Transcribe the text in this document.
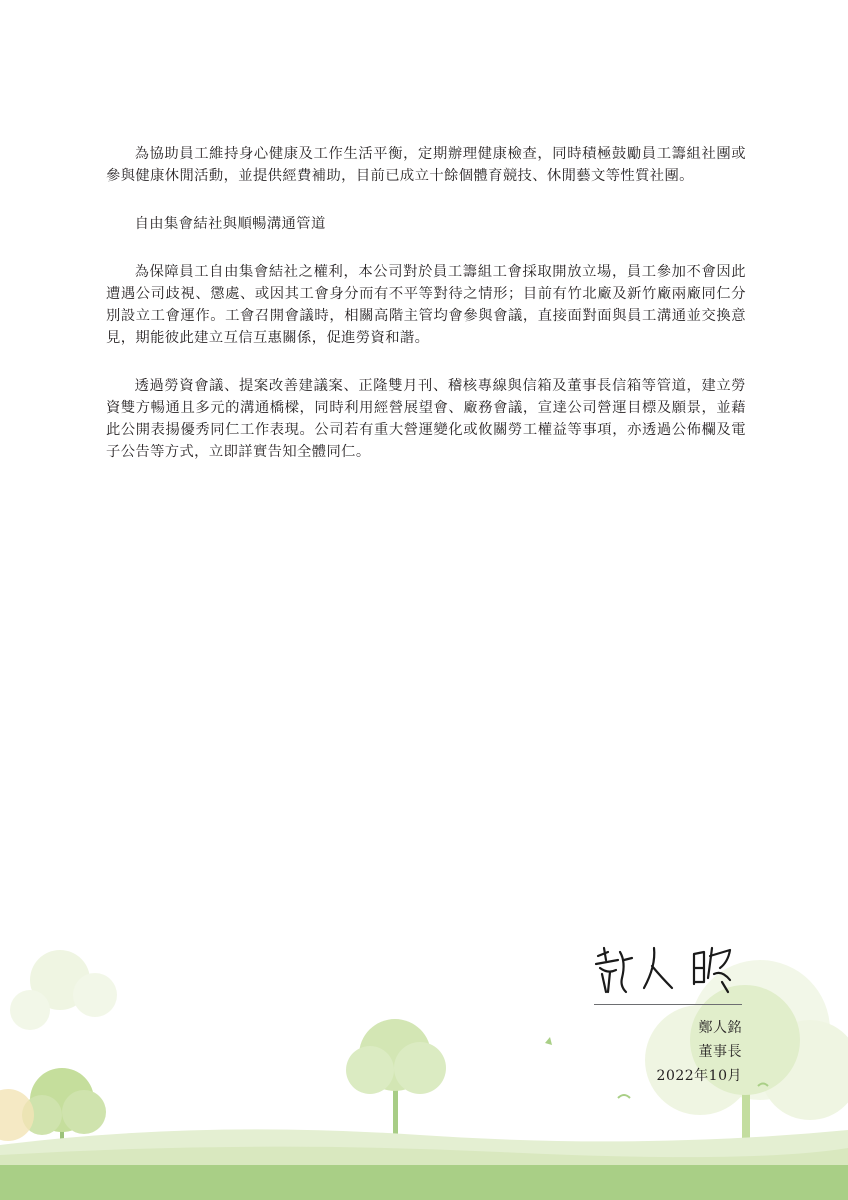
為協助員工維持身心健康及工作生活平衡，定期辦理健康檢查，同時積極鼓勵員工籌組社團或參與健康休閒活動，並提供經費補助，目前已成立十餘個體育競技、休閒藝文等性質社團。

自由集會結社與順暢溝通管道

為保障員工自由集會結社之權利，本公司對於員工籌組工會採取開放立場，員工參加不會因此遭遇公司歧視、懲處、或因其工會身分而有不平等對待之情形；目前有竹北廠及新竹廠兩廠同仁分別設立工會運作。工會召開會議時，相關高階主管均會參與會議，直接面對面與員工溝通並交換意見，期能彼此建立互信互惠關係，促進勞資和諧。

透過勞資會議、提案改善建議案、正隆雙月刊、稽核專線與信箱及董事長信箱等管道，建立勞資雙方暢通且多元的溝通橋樑，同時利用經營展望會、廠務會議，宣達公司營運目標及願景，並藉此公開表揚優秀同仁工作表現。公司若有重大營運變化或攸關勞工權益等事項，亦透過公佈欄及電子公告等方式，立即詳實告知全體同仁。

鄭人銘
董事長
2022年10月
